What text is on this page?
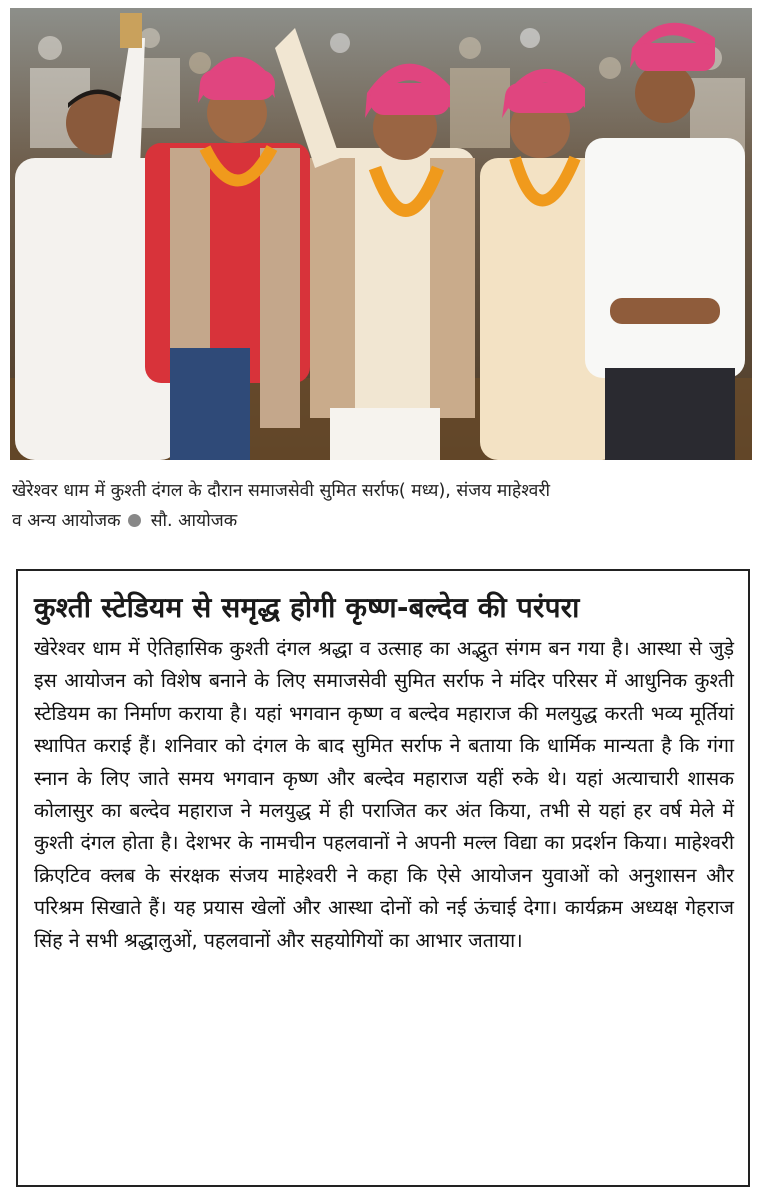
खेरेश्वर धाम में कुश्ती दंगल के दौरान समाजसेवी सुमित सर्राफ( मध्य), संजय माहेश्वरी
व अन्य आयोजक सौ. आयोजक
कुश्ती स्टेडियम से समृद्ध होगी कृष्ण-बल्देव की परंपरा

खेरेश्वर धाम में ऐतिहासिक कुश्ती दंगल श्रद्धा व उत्साह का अद्भुत संगम बन गया है। आस्था से जुड़े इस आयोजन को विशेष बनाने के लिए समाजसेवी सुमित सर्राफ ने मंदिर परिसर में आधुनिक कुश्ती स्टेडियम का निर्माण कराया है। यहां भगवान कृष्ण व बल्देव महाराज की मलयुद्ध करती भव्य मूर्तियां स्थापित कराई हैं। शनिवार को दंगल के बाद सुमित सर्राफ ने बताया कि धार्मिक मान्यता है कि गंगा स्नान के लिए जाते समय भगवान कृष्ण और बल्देव महाराज यहीं रुके थे। यहां अत्याचारी शासक कोलासुर का बल्देव महाराज ने मलयुद्ध में ही पराजित कर अंत किया, तभी से यहां हर वर्ष मेले में कुश्ती दंगल होता है। देशभर के नामचीन पहलवानों ने अपनी मल्ल विद्या का प्रदर्शन किया। माहेश्वरी क्रिएटिव क्लब के संरक्षक संजय माहेश्वरी ने कहा कि ऐसे आयोजन युवाओं को अनुशासन और परिश्रम सिखाते हैं। यह प्रयास खेलों और आस्था दोनों को नई ऊंचाई देगा। कार्यक्रम अध्यक्ष गेहराज सिंह ने सभी श्रद्धालुओं, पहलवानों और सहयोगियों का आभार जताया।
